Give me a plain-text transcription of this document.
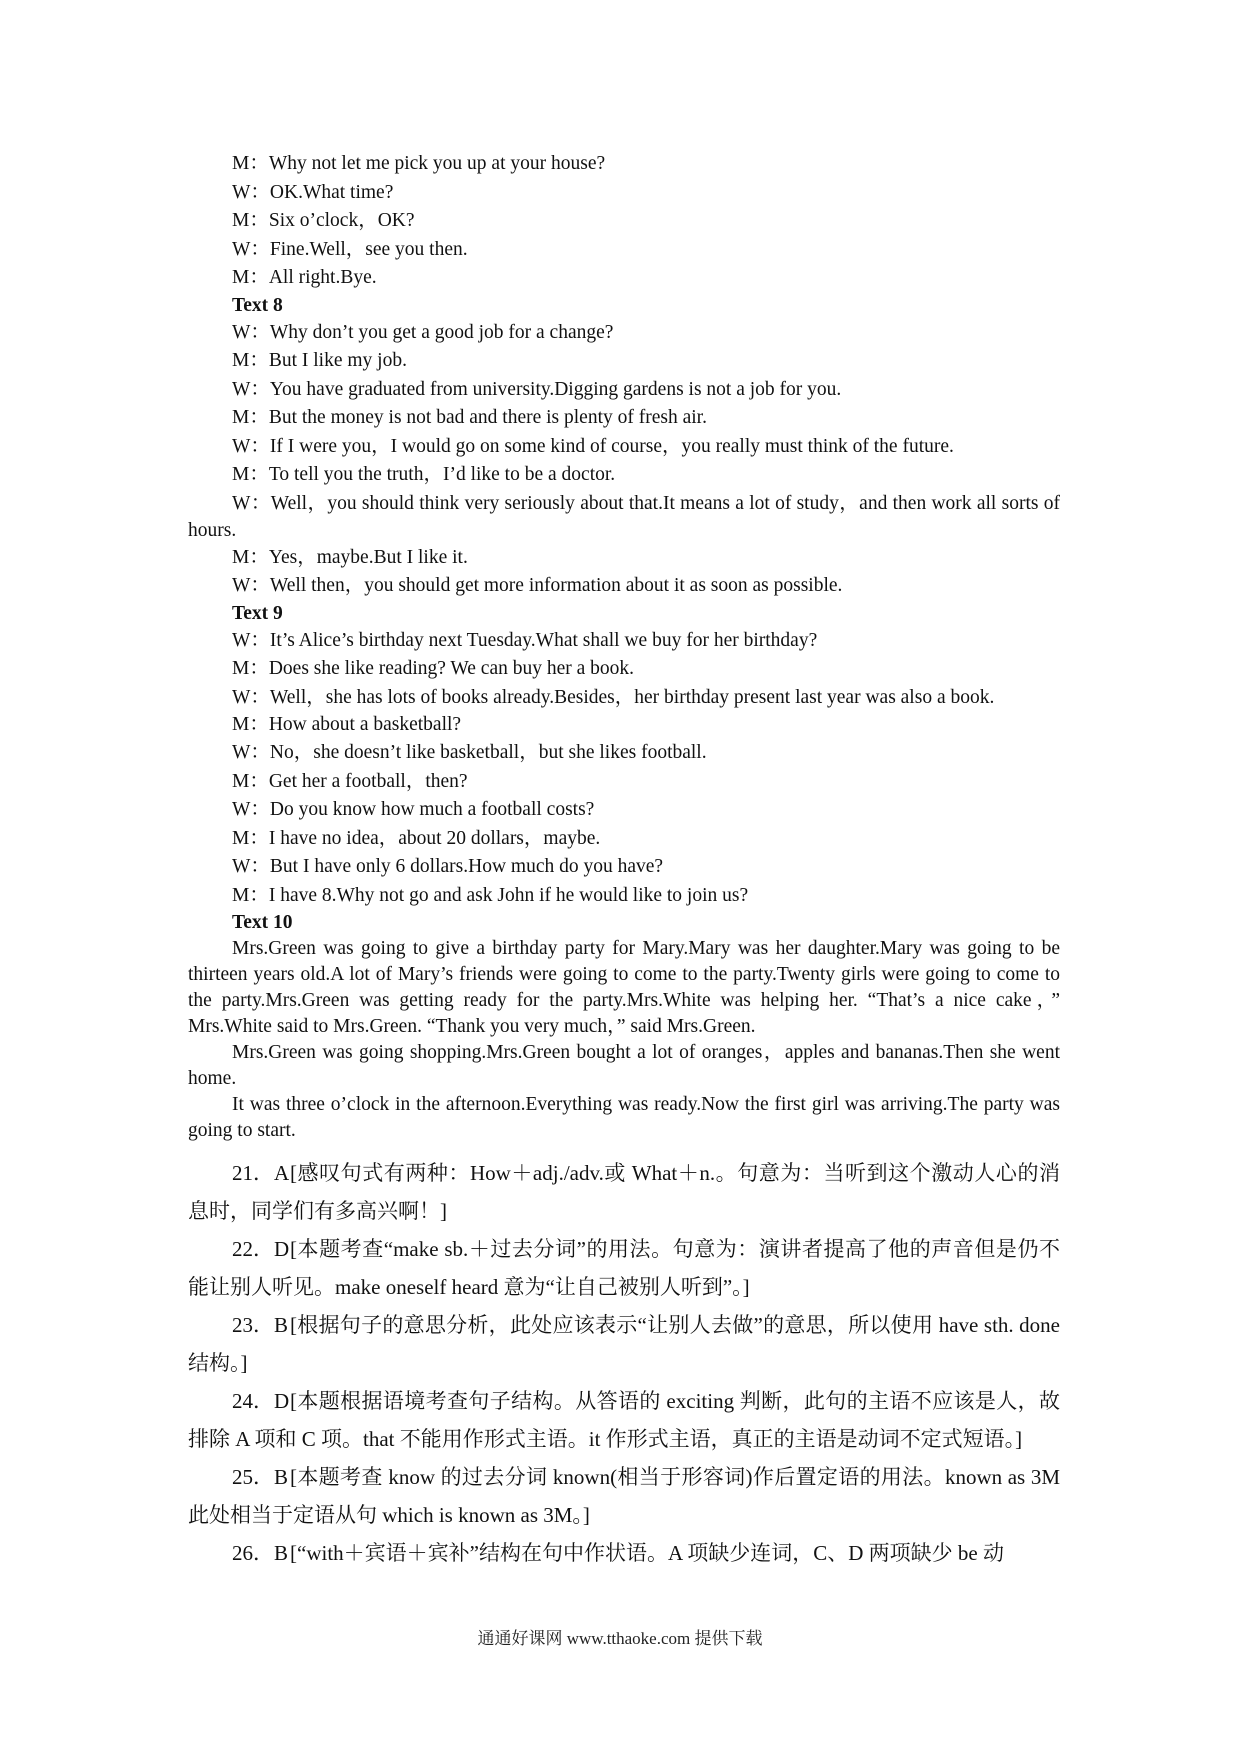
M：Why not let me pick you up at your house?

W：OK.What time?

M：Six o’clock，OK?

W：Fine.Well，see you then.

M：All right.Bye.

Text 8

W：Why don’t you get a good job for a change?

M：But I like my job.

W：You have graduated from university.Digging gardens is not a job for you.

M：But the money is not bad and there is plenty of fresh air.

W：If I were you，I would go on some kind of course，you really must think of the future.

M：To tell you the truth，I’d like to be a doctor.

W：Well，you should think very seriously about that.It means a lot of study，and then work all sorts of hours.

M：Yes，maybe.But I like it.

W：Well then，you should get more information about it as soon as possible.

Text 9

W：It’s Alice’s birthday next Tuesday.What shall we buy for her birthday?

M：Does she like reading? We can buy her a book.

W：Well，she has lots of books already.Besides，her birthday present last year was also a book.

M：How about a basketball?

W：No，she doesn’t like basketball，but she likes football.

M：Get her a football，then?

W：Do you know how much a football costs?

M：I have no idea，about 20 dollars，maybe.

W：But I have only 6 dollars.How much do you have?

M：I have 8.Why not go and ask John if he would like to join us?

Text 10

Mrs.Green was going to give a birthday party for Mary.Mary was her daughter.Mary was going to be thirteen years old.A lot of Mary’s friends were going to come to the party.Twenty girls were going to come to the party.Mrs.Green was getting ready for the party.Mrs.White was helping her. “That’s a nice cake，” Mrs.White said to Mrs.Green. “Thank you very much，” said Mrs.Green.

Mrs.Green was going shopping.Mrs.Green bought a lot of oranges，apples and bananas.Then she went home.

It was three o’clock in the afternoon.Everything was ready.Now the first girl was arriving.The party was going to start.

21．A[感叹句式有两种：How＋adj./adv.或 What＋n.。句意为：当听到这个激动人心的消息时，同学们有多高兴啊！]

22．D[本题考查“make sb.＋过去分词”的用法。句意为：演讲者提高了他的声音但是仍不能让别人听见。make oneself heard 意为“让自己被别人听到”。]

23．B[根据句子的意思分析，此处应该表示“让别人去做”的意思，所以使用 have sth. done 结构。]

24．D[本题根据语境考查句子结构。从答语的 exciting 判断，此句的主语不应该是人，故排除 A 项和 C 项。that 不能用作形式主语。it 作形式主语，真正的主语是动词不定式短语。]

25．B[本题考查 know 的过去分词 known(相当于形容词)作后置定语的用法。known as 3M 此处相当于定语从句 which is known as 3M。]

26．B[“with＋宾语＋宾补”结构在句中作状语。A 项缺少连词，C、D 两项缺少 be 动

通通好课网 www.tthaoke.com 提供下载
